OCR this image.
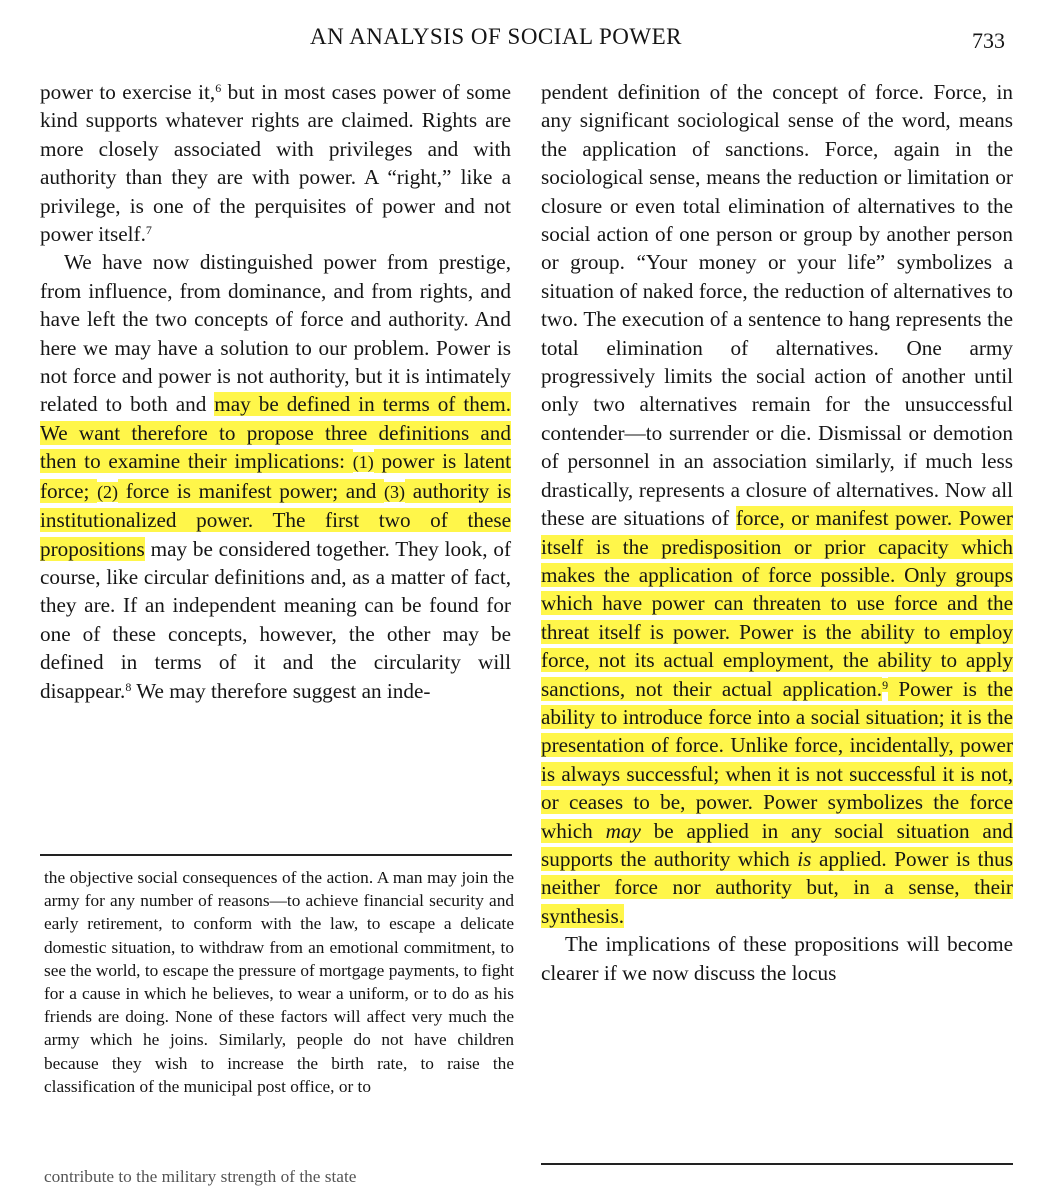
AN ANALYSIS OF SOCIAL POWER	733

power to exercise it,$^6$ but in most cases power of some kind supports whatever rights are claimed. Rights are more closely associated with privileges and with authority than they are with power. A “right,” like a privilege, is one of the perquisites of power and not power itself.$^7$

We have now distinguished power from prestige, from influence, from dominance, and from rights, and have left the two concepts of force and authority. And here we may have a solution to our problem. Power is not force and power is not authority, but it is intimately related to both and may be defined in terms of them. We want therefore to propose three definitions and then to examine their implications: (1) power is latent force; (2) force is manifest power; and (3) authority is institutionalized power. The first two of these propositions may be considered together. They look, of course, like circular definitions and, as a matter of fact, they are. If an independent meaning can be found for one of these concepts, however, the other may be defined in terms of it and the circularity will disappear.$^8$ We may therefore suggest an inde-

the objective social consequences of the action. A man may join the army for any number of reasons—to achieve financial security and early retirement, to conform with the law, to escape a delicate domestic situation, to withdraw from an emotional commitment, to see the world, to escape the pressure of mortgage payments, to fight for a cause in which he believes, to wear a uniform, or to do as his friends are doing. None of these factors will affect very much the army which he joins. Similarly, people do not have children because they wish to increase the birth rate, to raise the classification of the municipal post office, or to

contribute to the military strength of the state

pendent definition of the concept of force. Force, in any significant sociological sense of the word, means the application of sanctions. Force, again in the sociological sense, means the reduction or limitation or closure or even total elimination of alternatives to the social action of one person or group by another person or group. “Your money or your life” symbolizes a situation of naked force, the reduction of alternatives to two. The execution of a sentence to hang represents the total elimination of alternatives. One army progressively limits the social action of another until only two alternatives remain for the unsuccessful contender—to surrender or die. Dismissal or demotion of personnel in an association similarly, if much less drastically, represents a closure of alternatives. Now all these are situations of force, or manifest power. Power itself is the predisposition or prior capacity which makes the application of force possible. Only groups which have power can threaten to use force and the threat itself is power. Power is the ability to employ force, not its actual employment, the ability to apply sanctions, not their actual application.$^9$ Power is the ability to introduce force into a social situation; it is the presentation of force. Unlike force, incidentally, power is always successful; when it is not successful it is not, or ceases to be, power. Power symbolizes the force which may be applied in any social situation and supports the authority which is applied. Power is thus neither force nor authority but, in a sense, their synthesis.

The implications of these propositions will become clearer if we now discuss the locus
